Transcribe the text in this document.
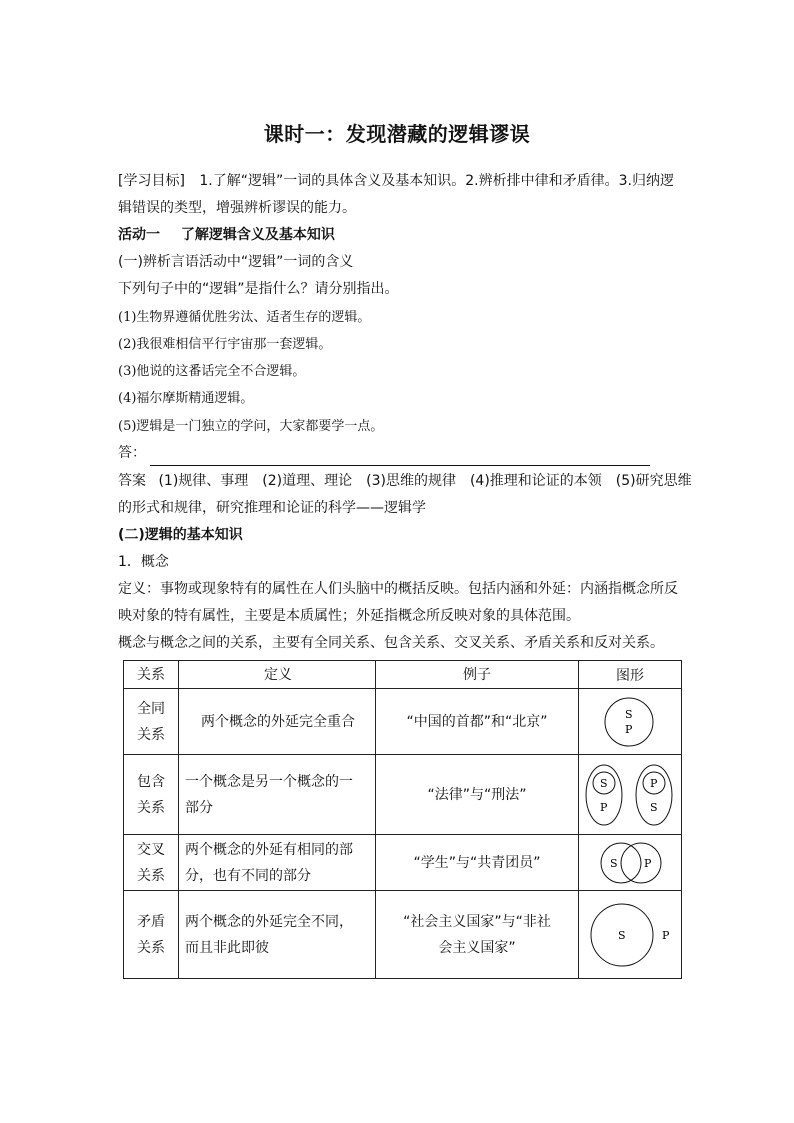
课时一：发现潜藏的逻辑谬误
[学习目标] 1.了解“逻辑”一词的具体含义及基本知识。2.辨析排中律和矛盾律。3.归纳逻
辑错误的类型，增强辨析谬误的能力。
活动一 了解逻辑含义及基本知识
(一)辨析言语活动中“逻辑”一词的含义
下列句子中的“逻辑”是指什么？请分别指出。
(1)生物界遵循优胜劣汰、适者生存的逻辑。
(2)我很难相信平行宇宙那一套逻辑。
(3)他说的这番话完全不合逻辑。
(4)福尔摩斯精通逻辑。
(5)逻辑是一门独立的学问，大家都要学一点。
答：
答案 (1)规律、事理　(2)道理、理论　(3)思维的规律　(4)推理和论证的本领　(5)研究思维
的形式和规律，研究推理和论证的科学——逻辑学
(二)逻辑的基本知识
1．概念
定义：事物或现象特有的属性在人们头脑中的概括反映。包括内涵和外延：内涵指概念所反
映对象的特有属性，主要是本质属性；外延指概念所反映对象的具体范围。
概念与概念之间的关系，主要有全同关系、包含关系、交叉关系、矛盾关系和反对关系。
关系	定义	例子	图形
全同
关系	两个概念的外延完全重合	“中国的首都”和“北京”	S
P

包含
关系	一个概念是另一个概念的一
部分	“法律”与“刑法”	S
P
P
S

交叉
关系	两个概念的外延有相同的部
分，也有不同的部分	“学生”与“共青团员”	S P

矛盾
关系	两个概念的外延完全不同，
而且非此即彼	“社会主义国家”与“非社
会主义国家”	S P
